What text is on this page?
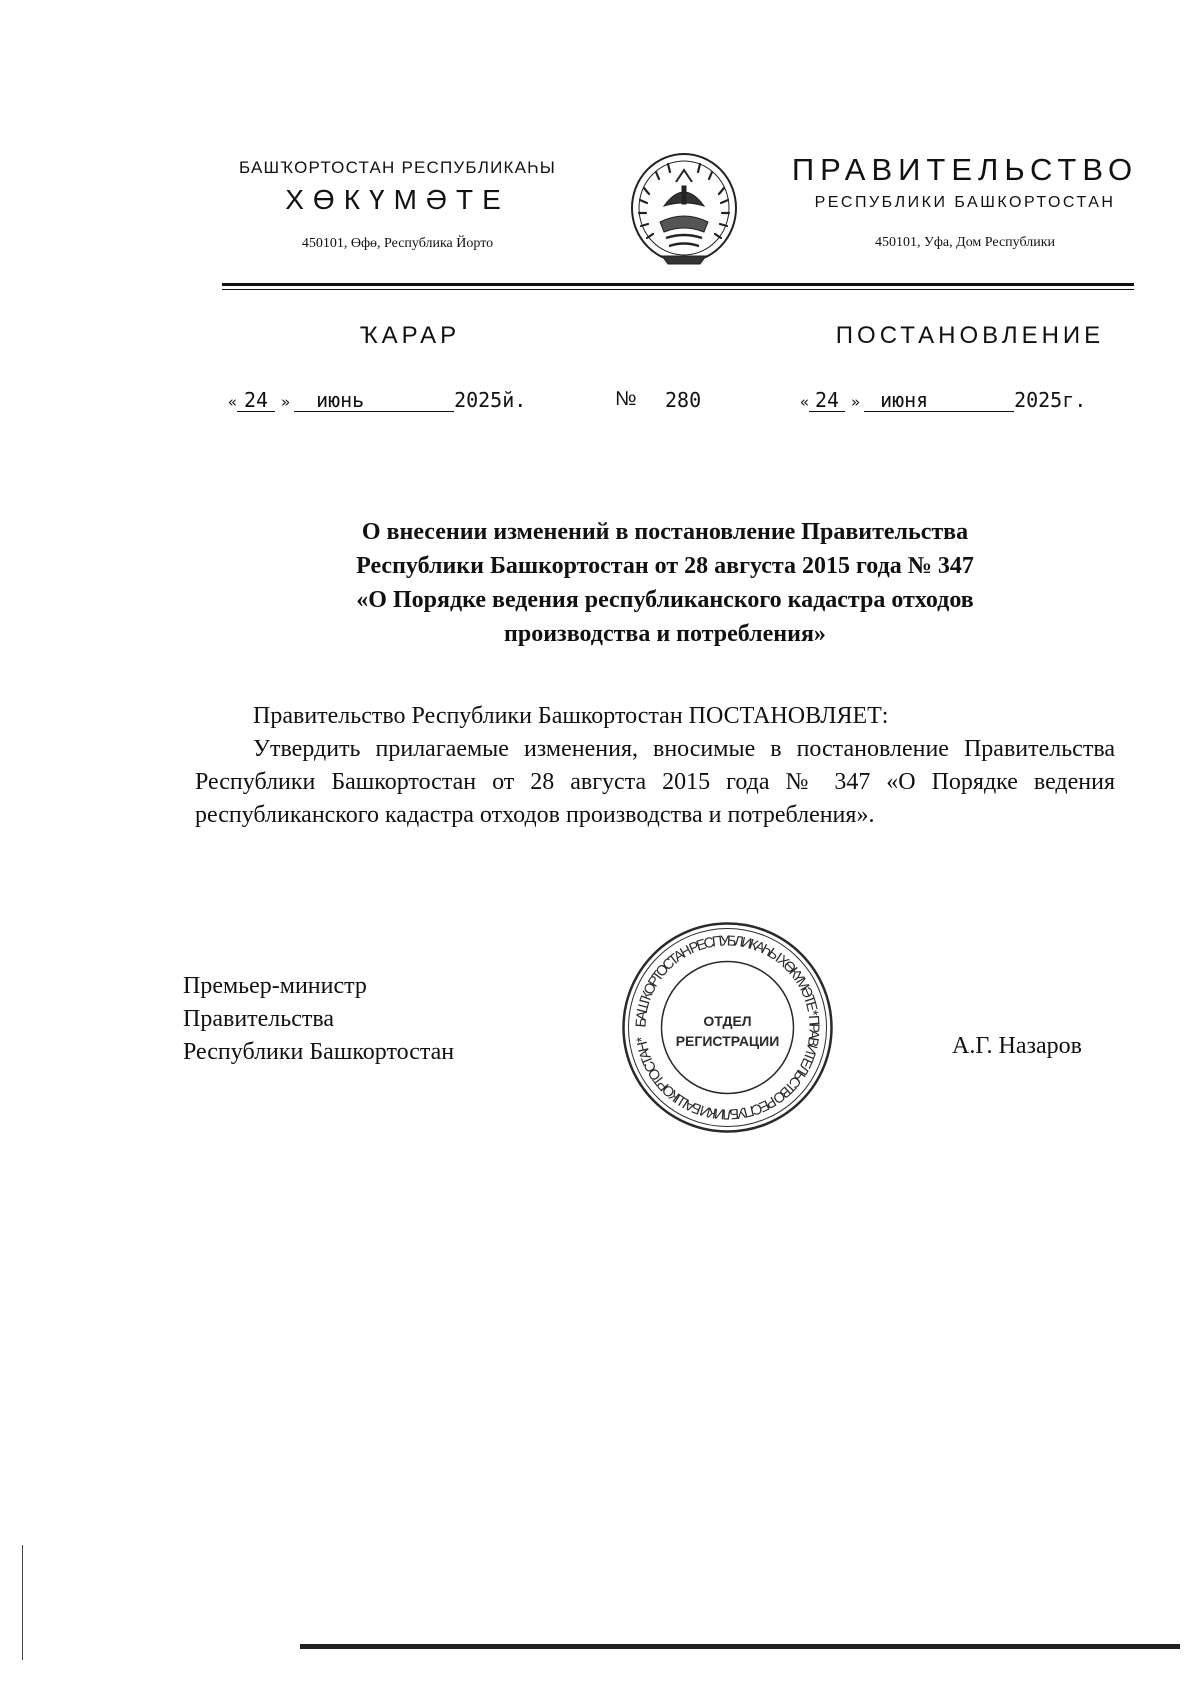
БАШҠОРТОСТАН РЕСПУБЛИКАҺЫ
ХӨКҮМӘТЕ
450101, Өфө, Республика Йорто
ПРАВИТЕЛЬСТВО
РЕСПУБЛИКИ БАШКОРТОСТАН
450101, Уфа, Дом Республики
ҠАРАР	ПОСТАНОВЛЕНИЕ
« 24 » июнь	2025й.	№ 280	« 24 » июня	2025г.
О внесении изменений в постановление Правительства
Республики Башкортостан от 28 августа 2015 года № 347
«О Порядке ведения республиканского кадастра отходов
производства и потребления»

Правительство Республики Башкортостан ПОСТАНОВЛЯЕТ:

Утвердить прилагаемые изменения, вносимые в постановление Правительства Республики Башкортостан от 28 августа 2015 года № 347 «О Порядке ведения республиканского кадастра отходов производства и потребления».

Премьер-министр
Правительства
Республики Башкортостан
БАШҠОРТОСТАН РЕСПУБЛИКАҺЫ ХӨКҮМӘТЕ * ПРАВИТЕЛЬСТВО РЕСПУБЛИКИ БАШКОРТОСТАН *
ОТДЕЛ
РЕГИСТРАЦИИ	А.Г. Назаров
